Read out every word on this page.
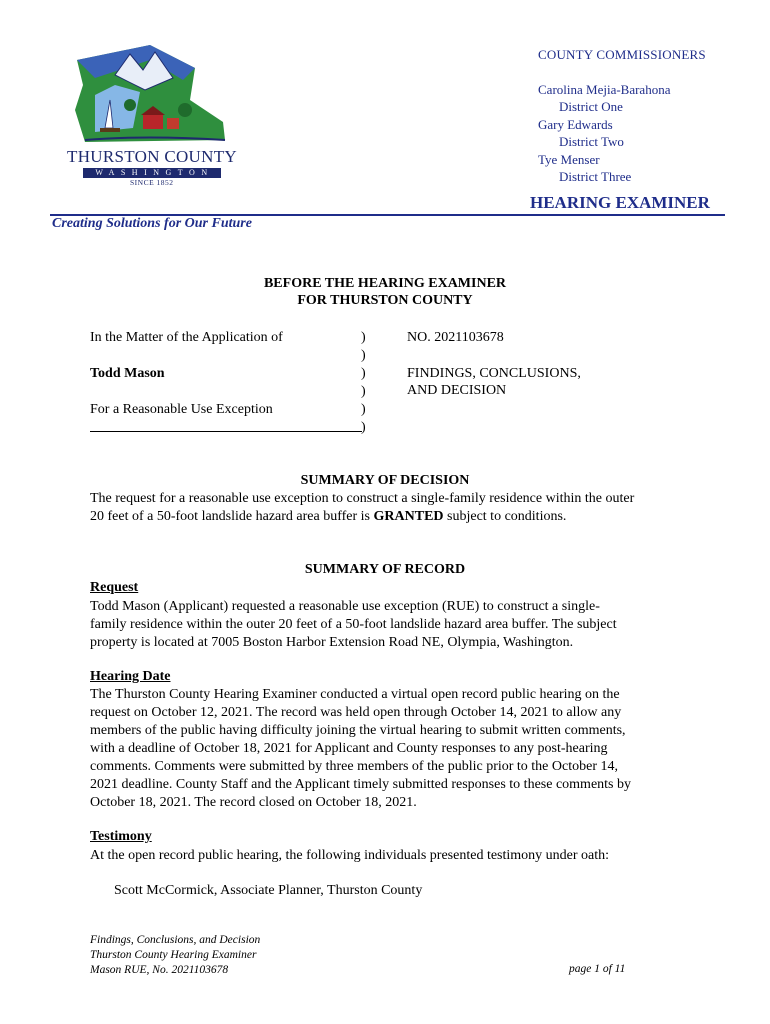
THURSTON COUNTY
WASHINGTON
SINCE 1852
COUNTY COMMISSIONERS
Carolina Mejia-Barahona
District One
Gary Edwards
District Two
Tye Menser
District Three
HEARING EXAMINER
Creating Solutions for Our Future
BEFORE THE HEARING EXAMINER
FOR THURSTON COUNTY
In the Matter of the Application of
Todd Mason
For a Reasonable Use Exception
)
)
)
)
)
)
NO. 2021103678
FINDINGS, CONCLUSIONS,
AND DECISION
SUMMARY OF DECISION
The request for a reasonable use exception to construct a single-family residence within the outer
20 feet of a 50-foot landslide hazard area buffer is GRANTED subject to conditions.
SUMMARY OF RECORD
Request
Todd Mason (Applicant) requested a reasonable use exception (RUE) to construct a single-
family residence within the outer 20 feet of a 50-foot landslide hazard area buffer. The subject
property is located at 7005 Boston Harbor Extension Road NE, Olympia, Washington.
Hearing Date
The Thurston County Hearing Examiner conducted a virtual open record public hearing on the
request on October 12, 2021. The record was held open through October 14, 2021 to allow any
members of the public having difficulty joining the virtual hearing to submit written comments,
with a deadline of October 18, 2021 for Applicant and County responses to any post-hearing
comments. Comments were submitted by three members of the public prior to the October 14,
2021 deadline. County Staff and the Applicant timely submitted responses to these comments by
October 18, 2021. The record closed on October 18, 2021.
Testimony
At the open record public hearing, the following individuals presented testimony under oath:
Scott McCormick, Associate Planner, Thurston County
Findings, Conclusions, and Decision
Thurston County Hearing Examiner
Mason RUE, No. 2021103678	page 1 of 11
